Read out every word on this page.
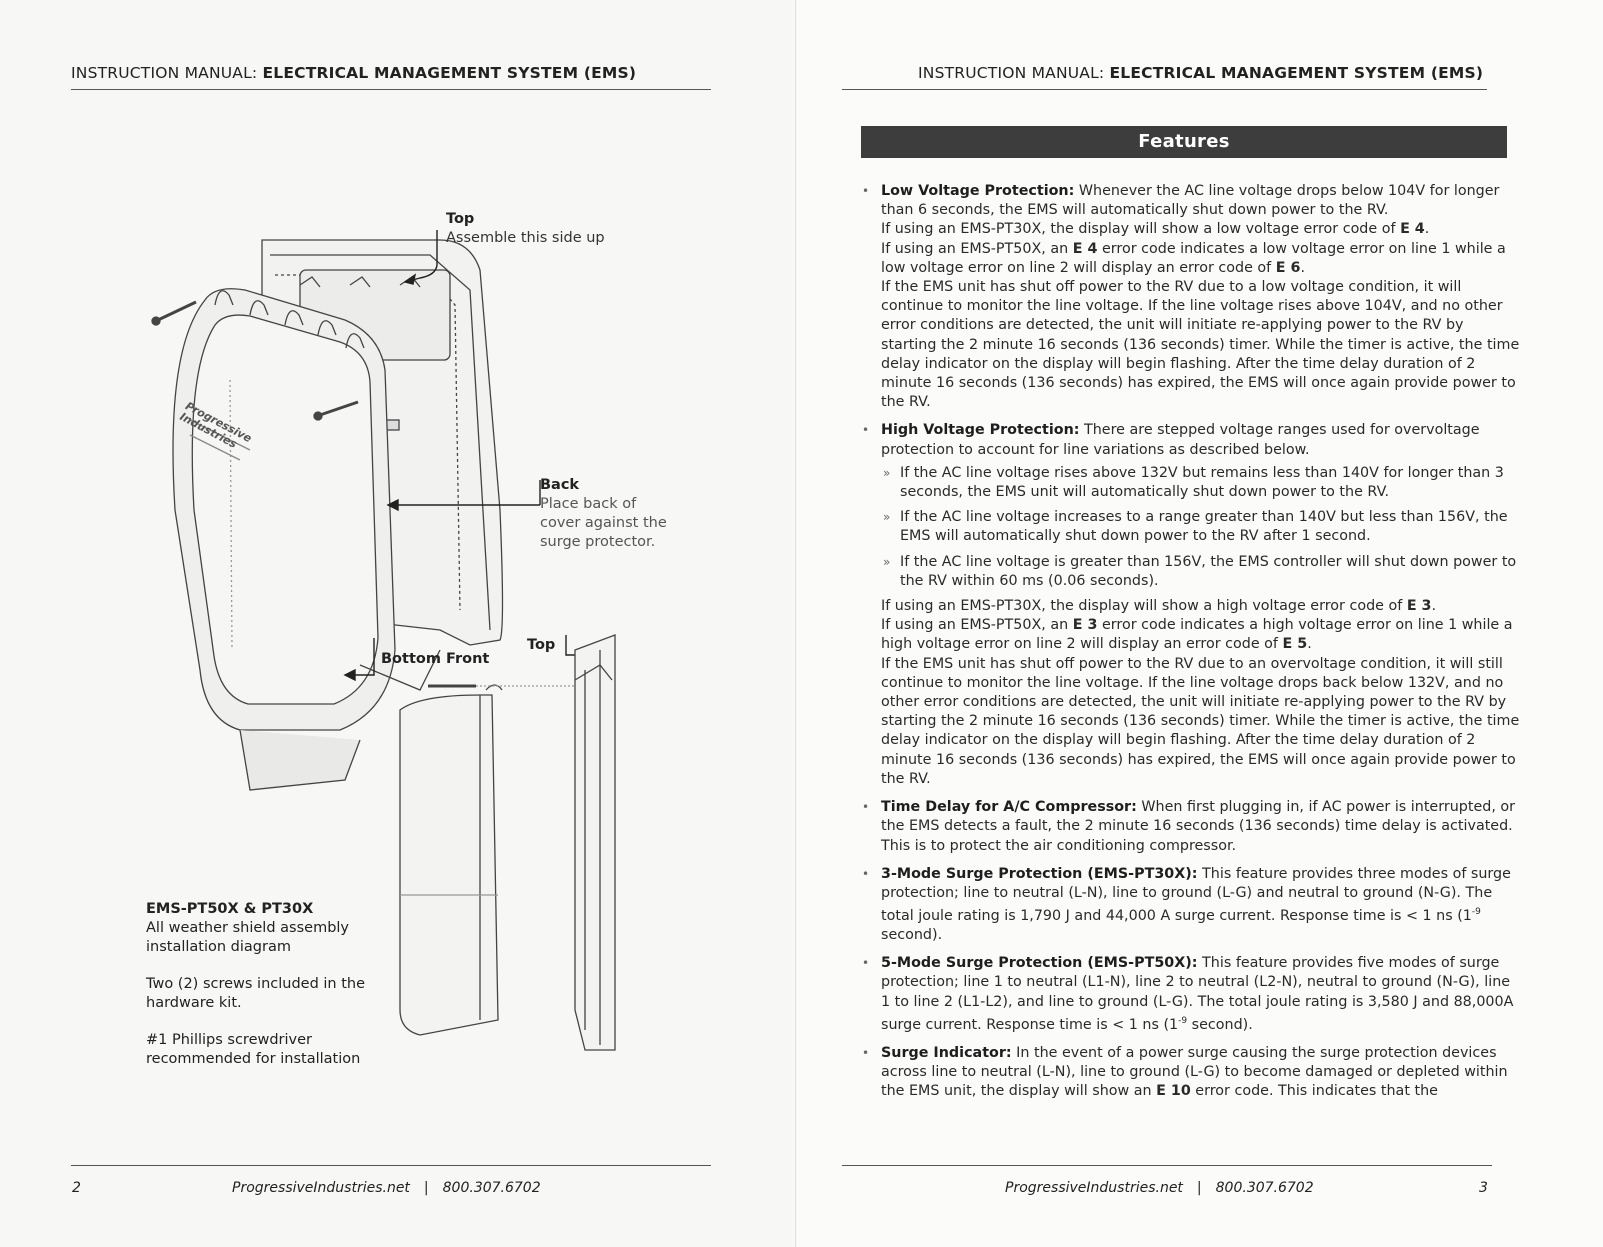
INSTRUCTION MANUAL: ELECTRICAL MANAGEMENT SYSTEM (EMS)
Top
Assemble this side up
Back
Place back of cover against the surge protector.
Bottom Front
Top
Progressive Industries

EMS-PT50X & PT30X
All weather shield assembly installation diagram

Two (2) screws included in the hardware kit.

#1 Phillips screwdriver recommended for installation

2	ProgressiveIndustries.net | 800.307.6702
INSTRUCTION MANUAL: ELECTRICAL MANAGEMENT SYSTEM (EMS)
Features

• Low Voltage Protection: Whenever the AC line voltage drops below 104V for longer than 6 seconds, the EMS will automatically shut down power to the RV.

If using an EMS-PT30X, the display will show a low voltage error code of E 4.

If using an EMS-PT50X, an E 4 error code indicates a low voltage error on line 1 while a low voltage error on line 2 will display an error code of E 6.

If the EMS unit has shut off power to the RV due to a low voltage condition, it will continue to monitor the line voltage. If the line voltage rises above 104V, and no other error conditions are detected, the unit will initiate re-applying power to the RV by starting the 2 minute 16 seconds (136 seconds) timer. While the timer is active, the time delay indicator on the display will begin flashing. After the time delay duration of 2 minute 16 seconds (136 seconds) has expired, the EMS will once again provide power to the RV.

• High Voltage Protection: There are stepped voltage ranges used for overvoltage protection to account for line variations as described below.

» If the AC line voltage rises above 132V but remains less than 140V for longer than 3 seconds, the EMS unit will automatically shut down power to the RV.
» If the AC line voltage increases to a range greater than 140V but less than 156V, the EMS will automatically shut down power to the RV after 1 second.
» If the AC line voltage is greater than 156V, the EMS controller will shut down power to the RV within 60 ms (0.06 seconds).

If using an EMS-PT30X, the display will show a high voltage error code of E 3.

If using an EMS-PT50X, an E 3 error code indicates a high voltage error on line 1 while a high voltage error on line 2 will display an error code of E 5.

If the EMS unit has shut off power to the RV due to an overvoltage condition, it will still continue to monitor the line voltage. If the line voltage drops back below 132V, and no other error conditions are detected, the unit will initiate re-applying power to the RV by starting the 2 minute 16 seconds (136 seconds) timer. While the timer is active, the time delay indicator on the display will begin flashing. After the time delay duration of 2 minute 16 seconds (136 seconds) has expired, the EMS will once again provide power to the RV.

• Time Delay for A/C Compressor: When first plugging in, if AC power is interrupted, or the EMS detects a fault, the 2 minute 16 seconds (136 seconds) time delay is activated. This is to protect the air conditioning compressor.

• 3-Mode Surge Protection (EMS-PT30X): This feature provides three modes of surge protection; line to neutral (L-N), line to ground (L-G) and neutral to ground (N-G). The total joule rating is 1,790 J and 44,000 A surge current. Response time is < 1 ns ($1^{-9}$ second).

• 5-Mode Surge Protection (EMS-PT50X): This feature provides five modes of surge protection; line 1 to neutral (L1-N), line 2 to neutral (L2-N), neutral to ground (N-G), line 1 to line 2 (L1-L2), and line to ground (L-G). The total joule rating is 3,580 J and 88,000A surge current. Response time is < 1 ns ($1^{-9}$ second).

• Surge Indicator: In the event of a power surge causing the surge protection devices across line to neutral (L-N), line to ground (L-G) to become damaged or depleted within the EMS unit, the display will show an E 10 error code. This indicates that the

ProgressiveIndustries.net | 800.307.6702	3
